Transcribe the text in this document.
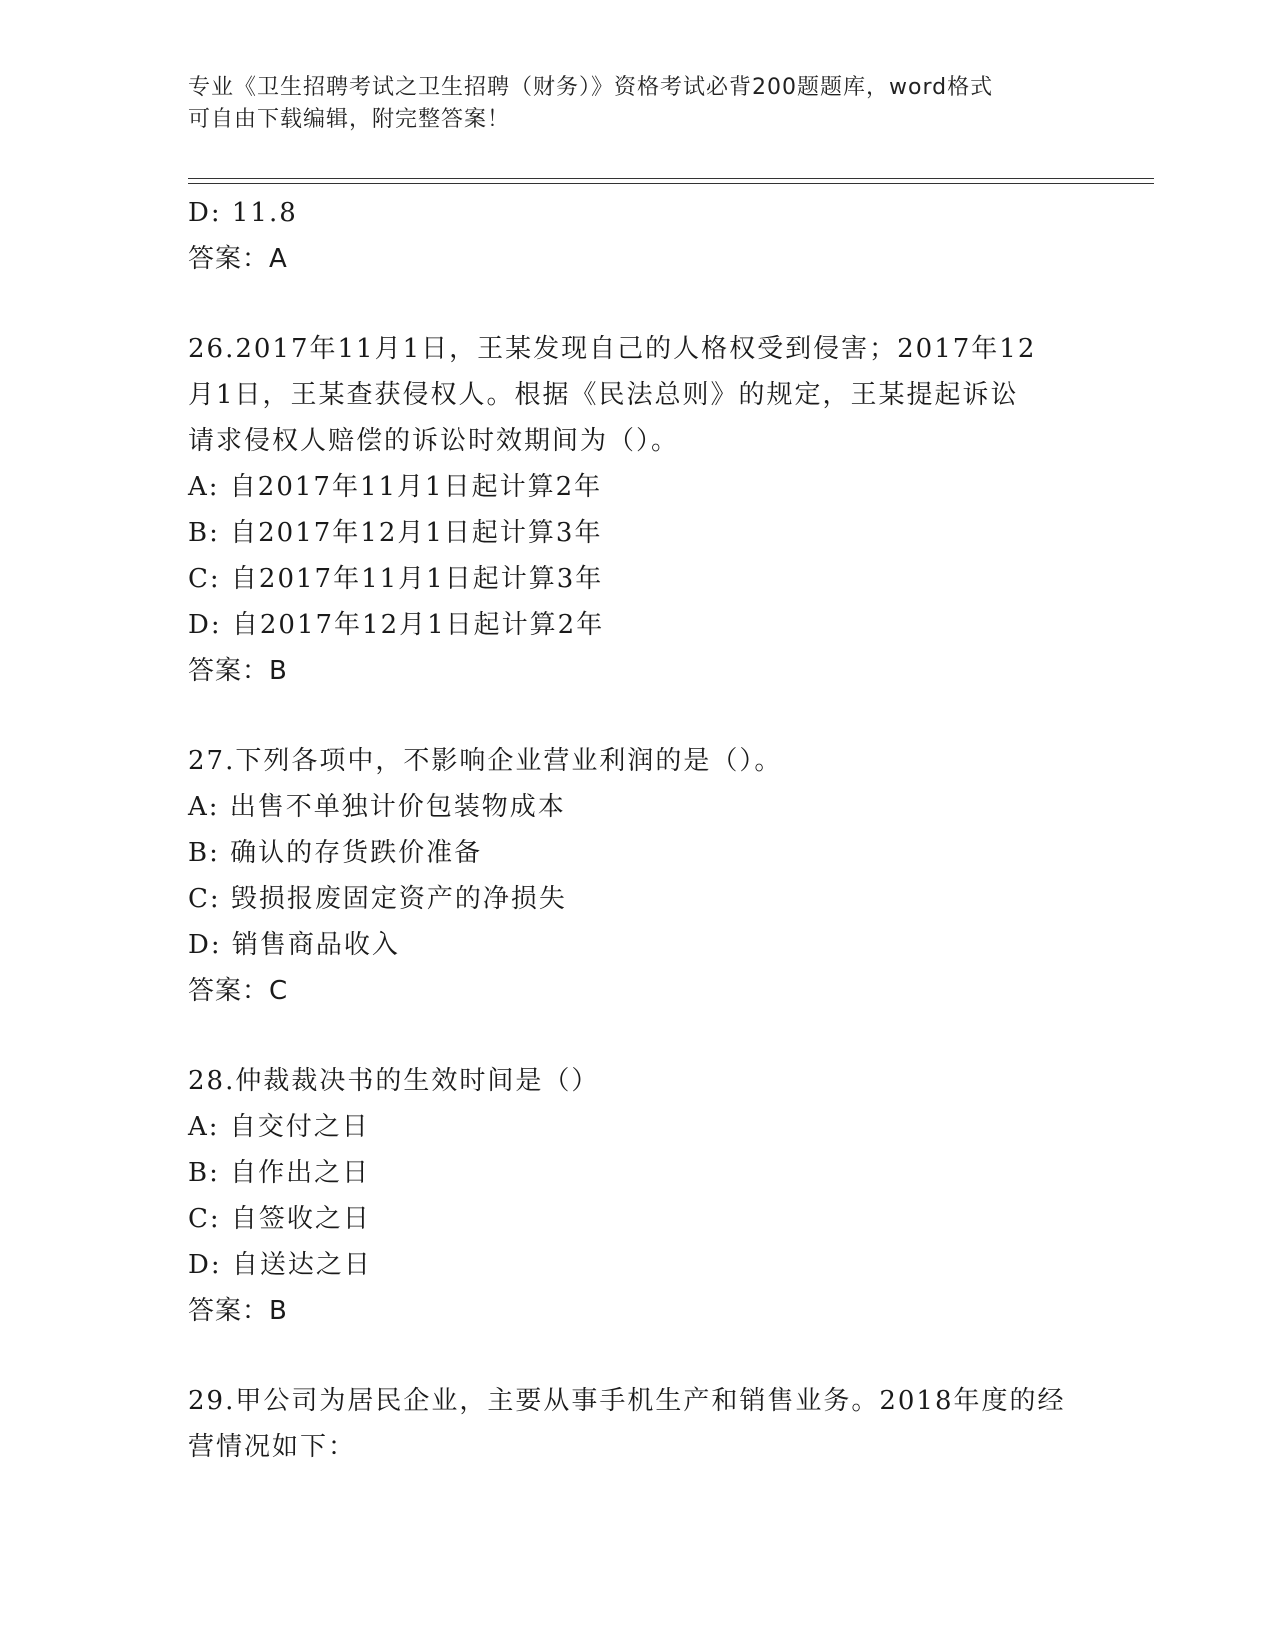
专业《卫生招聘考试之卫生招聘（财务）》资格考试必背200题题库，word格式
可自由下载编辑，附完整答案！
D: 11.8
答案：A
26.2017年11月1日，王某发现自己的人格权受到侵害；2017年12
月1日，王某查获侵权人。根据《民法总则》的规定，王某提起诉讼
请求侵权人赔偿的诉讼时效期间为（）。
A: 自2017年11月1日起计算2年
B: 自2017年12月1日起计算3年
C: 自2017年11月1日起计算3年
D: 自2017年12月1日起计算2年
答案：B
27.下列各项中，不影响企业营业利润的是（）。
A: 出售不单独计价包装物成本
B: 确认的存货跌价准备
C: 毁损报废固定资产的净损失
D: 销售商品收入
答案：C
28.仲裁裁决书的生效时间是（）
A: 自交付之日
B: 自作出之日
C: 自签收之日
D: 自送达之日
答案：B
29.甲公司为居民企业，主要从事手机生产和销售业务。2018年度的经
营情况如下：
